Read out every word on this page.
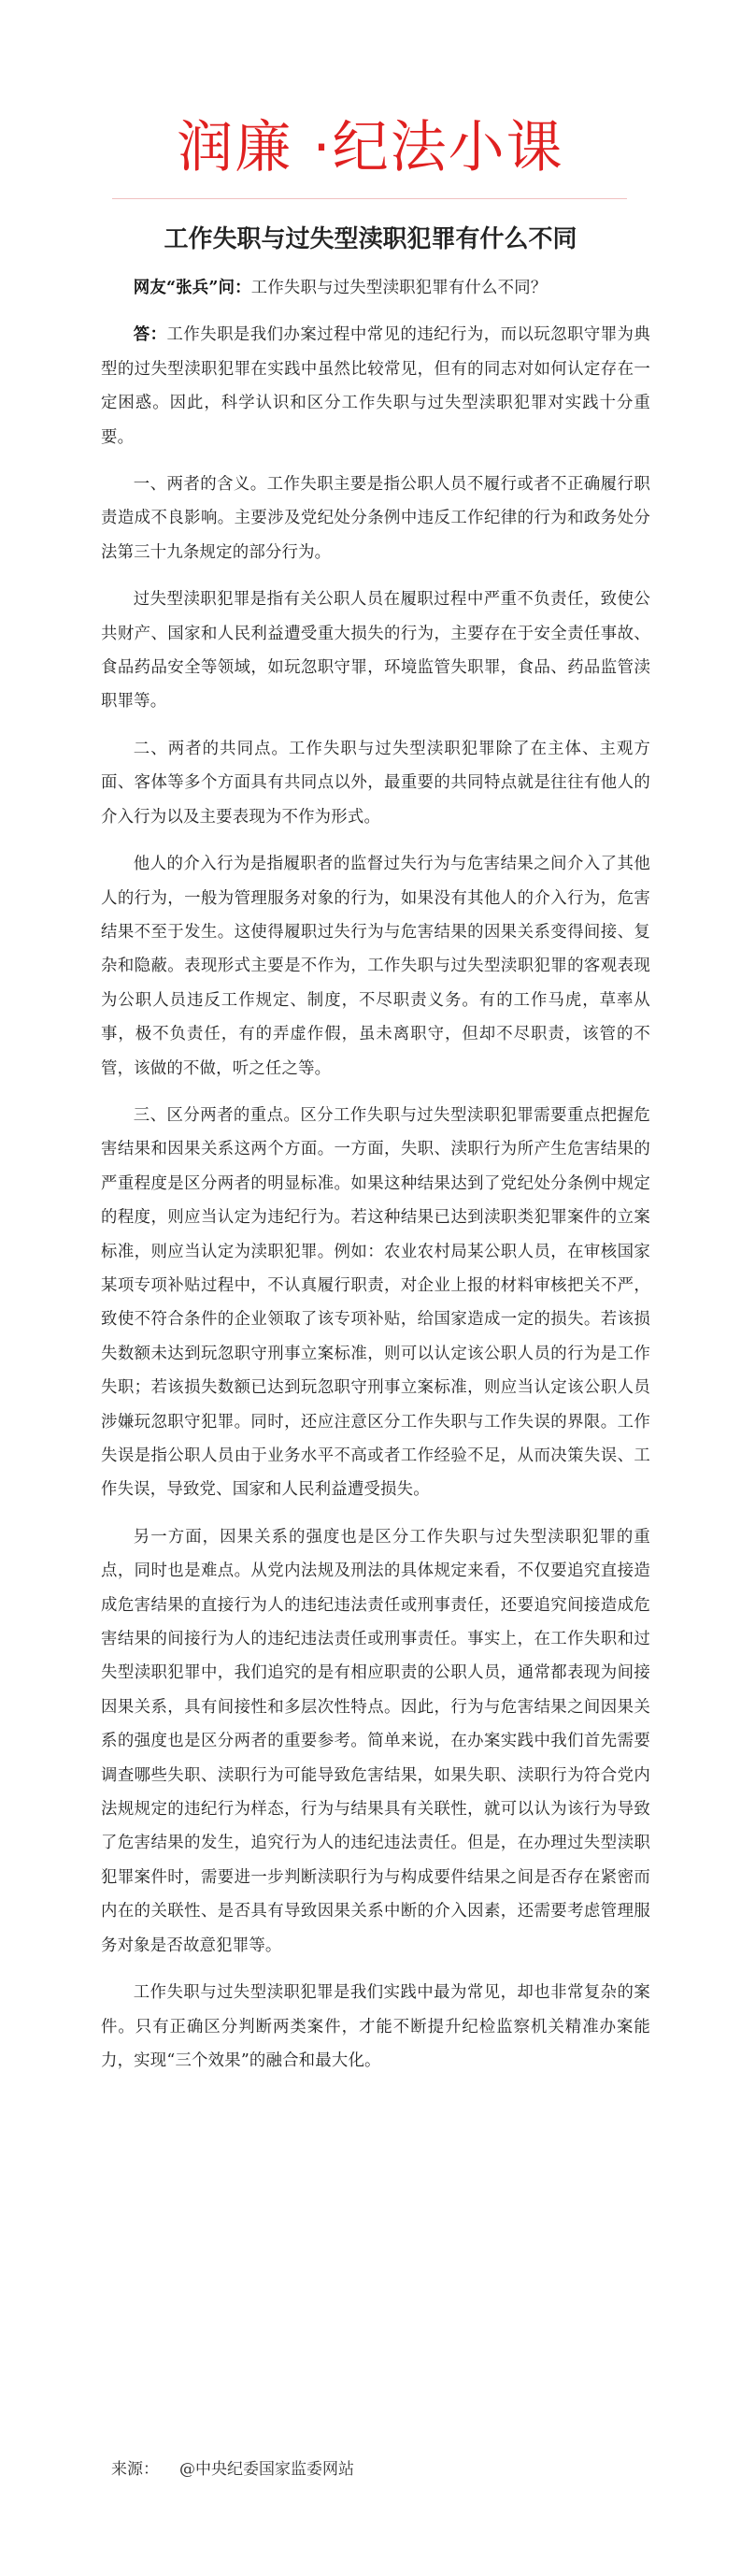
润廉 ·纪法小课
工作失职与过失型渎职犯罪有什么不同

网友“张兵”问：工作失职与过失型渎职犯罪有什么不同？

答：工作失职是我们办案过程中常见的违纪行为，而以玩忽职守罪为典型的过失型渎职犯罪在实践中虽然比较常见，但有的同志对如何认定存在一定困惑。因此，科学认识和区分工作失职与过失型渎职犯罪对实践十分重要。

一、两者的含义。工作失职主要是指公职人员不履行或者不正确履行职责造成不良影响。主要涉及党纪处分条例中违反工作纪律的行为和政务处分法第三十九条规定的部分行为。

过失型渎职犯罪是指有关公职人员在履职过程中严重不负责任，致使公共财产、国家和人民利益遭受重大损失的行为，主要存在于安全责任事故、食品药品安全等领域，如玩忽职守罪，环境监管失职罪，食品、药品监管渎职罪等。

二、两者的共同点。工作失职与过失型渎职犯罪除了在主体、主观方面、客体等多个方面具有共同点以外，最重要的共同特点就是往往有他人的介入行为以及主要表现为不作为形式。

他人的介入行为是指履职者的监督过失行为与危害结果之间介入了其他人的行为，一般为管理服务对象的行为，如果没有其他人的介入行为，危害结果不至于发生。这使得履职过失行为与危害结果的因果关系变得间接、复杂和隐蔽。表现形式主要是不作为，工作失职与过失型渎职犯罪的客观表现为公职人员违反工作规定、制度，不尽职责义务。有的工作马虎，草率从事，极不负责任，有的弄虚作假，虽未离职守，但却不尽职责，该管的不管，该做的不做，听之任之等。

三、区分两者的重点。区分工作失职与过失型渎职犯罪需要重点把握危害结果和因果关系这两个方面。一方面，失职、渎职行为所产生危害结果的严重程度是区分两者的明显标准。如果这种结果达到了党纪处分条例中规定的程度，则应当认定为违纪行为。若这种结果已达到渎职类犯罪案件的立案标准，则应当认定为渎职犯罪。例如：农业农村局某公职人员，在审核国家某项专项补贴过程中，不认真履行职责，对企业上报的材料审核把关不严，致使不符合条件的企业领取了该专项补贴，给国家造成一定的损失。若该损失数额未达到玩忽职守刑事立案标准，则可以认定该公职人员的行为是工作失职；若该损失数额已达到玩忽职守刑事立案标准，则应当认定该公职人员涉嫌玩忽职守犯罪。同时，还应注意区分工作失职与工作失误的界限。工作失误是指公职人员由于业务水平不高或者工作经验不足，从而决策失误、工作失误，导致党、国家和人民利益遭受损失。

另一方面，因果关系的强度也是区分工作失职与过失型渎职犯罪的重点，同时也是难点。从党内法规及刑法的具体规定来看，不仅要追究直接造成危害结果的直接行为人的违纪违法责任或刑事责任，还要追究间接造成危害结果的间接行为人的违纪违法责任或刑事责任。事实上，在工作失职和过失型渎职犯罪中，我们追究的是有相应职责的公职人员，通常都表现为间接因果关系，具有间接性和多层次性特点。因此，行为与危害结果之间因果关系的强度也是区分两者的重要参考。简单来说，在办案实践中我们首先需要调查哪些失职、渎职行为可能导致危害结果，如果失职、渎职行为符合党内法规规定的违纪行为样态，行为与结果具有关联性，就可以认为该行为导致了危害结果的发生，追究行为人的违纪违法责任。但是，在办理过失型渎职犯罪案件时，需要进一步判断渎职行为与构成要件结果之间是否存在紧密而内在的关联性、是否具有导致因果关系中断的介入因素，还需要考虑管理服务对象是否故意犯罪等。

工作失职与过失型渎职犯罪是我们实践中最为常见，却也非常复杂的案件。只有正确区分判断两类案件，才能不断提升纪检监察机关精准办案能力，实现“三个效果”的融合和最大化。

来源： @中央纪委国家监委网站
